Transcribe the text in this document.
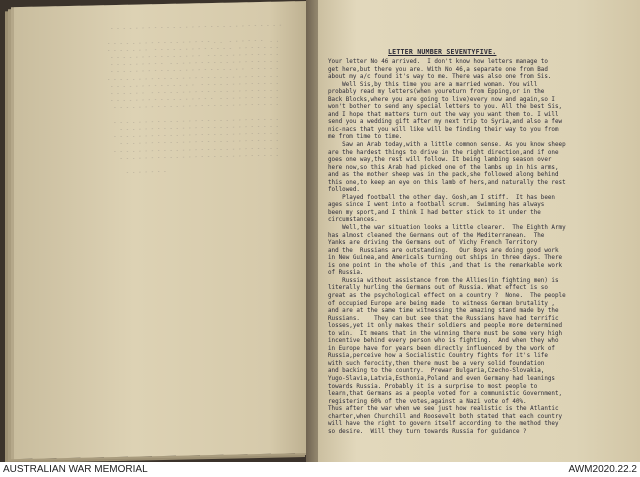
- - - - - - - - - - - - - - - - - - - - - - - - - - - -

. .  - - - - - -  . . - - - - - - - - - - - - - - - - -
- - - - - - -  - - - - - - - - - - - - -  - - - - - - -
- - - - - - - - - - - -  - - - - - - - - - - - - - - -
- - - - - - - - - - - - - - - - - -  - - - - - - - - -
- - - - -  - - - - - - - - - - - - - - - - - - - - - -
- - - - - - - - - - - - - - - - - - - - - - - - - - - -
- - - - - - - - - - - - -  - - - - - - - - - - - - - -
- - - - - - - - - - - - - - - - - - - - -  - - - - - -
- - - - - - - - - -  - - - - - - - - - - - - - - - - -
- - - - - - - - - - - - - - - - - - - - - - - - - - -

- - - - - - - - - - - - - - - - - - - - - - - - - - -
- - - - - - - - - - - - - - - - - - - - - - - - - -
- - - - - - - - - - - - - - - - - - - - - - - - - - -
- - - - - - - - - - - - - - - - - - - - - - - - - -
- - - - - - - - - - - - - - - - - - - - - - - - - - -
- - - - - - - - - - - - - - - - - - - - - - - - - -

- - - - - - -

LETTER NUMBER SEVENTYFIVE.
Your letter No 46 arrived.  I don't know how letters manage to
get here,but there you are. With No 46,a separate one from Bad
about my a/c found it's way to me. There was also one from Sis.
Well Sis,by this time you are a married woman. You will
probably read my letters(when youreturn from Epping,or in the
Back Blocks,where you are going to live)every now and again,so I
won't bother to send any special letters to you. All the best Sis,
and I hope that matters turn out the way you want them to. I will
send you a wedding gift after my next trip to Syria,and also a few
nic-nacs that you will like will be finding their way to you from
me from time to time.
Saw an Arab today,with a little common sense. As you know sheep
are the hardest things to drive in the right direction,and if one
goes one way,the rest will follow. It being lambing season over
here now,so this Arab had picked one of the lambs up in his arms,
and as the mother sheep was in the pack,she followed along behind
this one,to keep an eye on this lamb of hers,and naturally the rest
followed.
Played football the other day. Gosh,am I stiff.  It has been
ages since I went into a football scrum.  Swimming has always
been my sport,and I think I had better stick to it under the
circumstances.
Well,the war situation looks a little clearer.  The Eighth Army
has almost cleaned the Germans out of the Mediterranean.  The
Yanks are driving the Germans out of Vichy French Territory
and the  Russians are outstanding.   Our Boys are doing good work
in New Guinea,and Americals turning out ships in three days. There
is one point in the whole of this ,and that is the remarkable work
of Russia.
Russia without assistance from the Allies(in fighting men) is
literally hurling the Germans out of Russia. What effect is so
great as the psychological effect on a country ?  None.  The people
of occupied Europe are being made  to witness German brutality ,
and are at the same time witnessing the amazing stand made by the
Russians.    They can but see that the Russians have had terrific
losses,yet it only makes their soldiers and people more determined
to win.  It means that in the winning there must be some very high
incentive behind every person who is fighting.  And when they who
in Europe have for years been directly influenced by the work of
Russia,perceive how a Socialistic Country fights for it's life
with such ferocity,then there must be a very solid foundation
and backing to the country.  Prewar Bulgaria,Czecho-Slovakia,
Yugo-Slavia,Latvia,Esthonia,Poland and even Germany had leanings
towards Russia. Probably it is a surprise to most people to
learn,that Germans as a people voted for a communistic Government,
registering 60% of the votes,against a Nazi vote of 40%.
Thus after the war when we see just how realistic is the Atlantic
charter,when Churchill and Roosevelt both stated that each country
will have the right to govern itself according to the method they
so desire.  Will they turn towards Russia for guidance ?
AUSTRALIAN WAR MEMORIAL	AWM2020.22.2
